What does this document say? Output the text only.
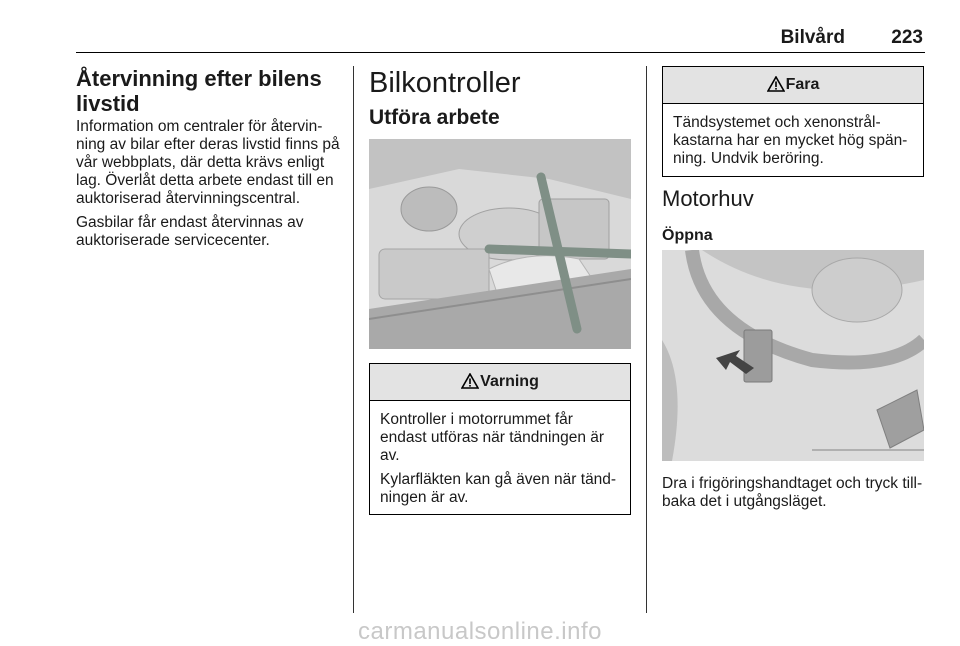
Bilvård 223
Återvinning efter bilens livstid

Information om centraler för återvin-ning av bilar efter deras livstid finns på vår webbplats, där detta krävs enligt lag. Överlåt detta arbete endast till en auktoriserad återvinningscentral.

Gasbilar får endast återvinnas av auktoriserade servicecenter.

Bilkontroller
Utföra arbete
Varning

Kontroller i motorrummet får endast utföras när tändningen är av.

Kylarfläkten kan gå även när tänd-ningen är av.

Fara

Tändsystemet och xenonstrål-kastarna har en mycket hög spän-ning. Undvik beröring.

Motorhuv
Öppna

Dra i frigöringshandtaget och tryck till-baka det i utgångsläget.

carmanualsonline.info
